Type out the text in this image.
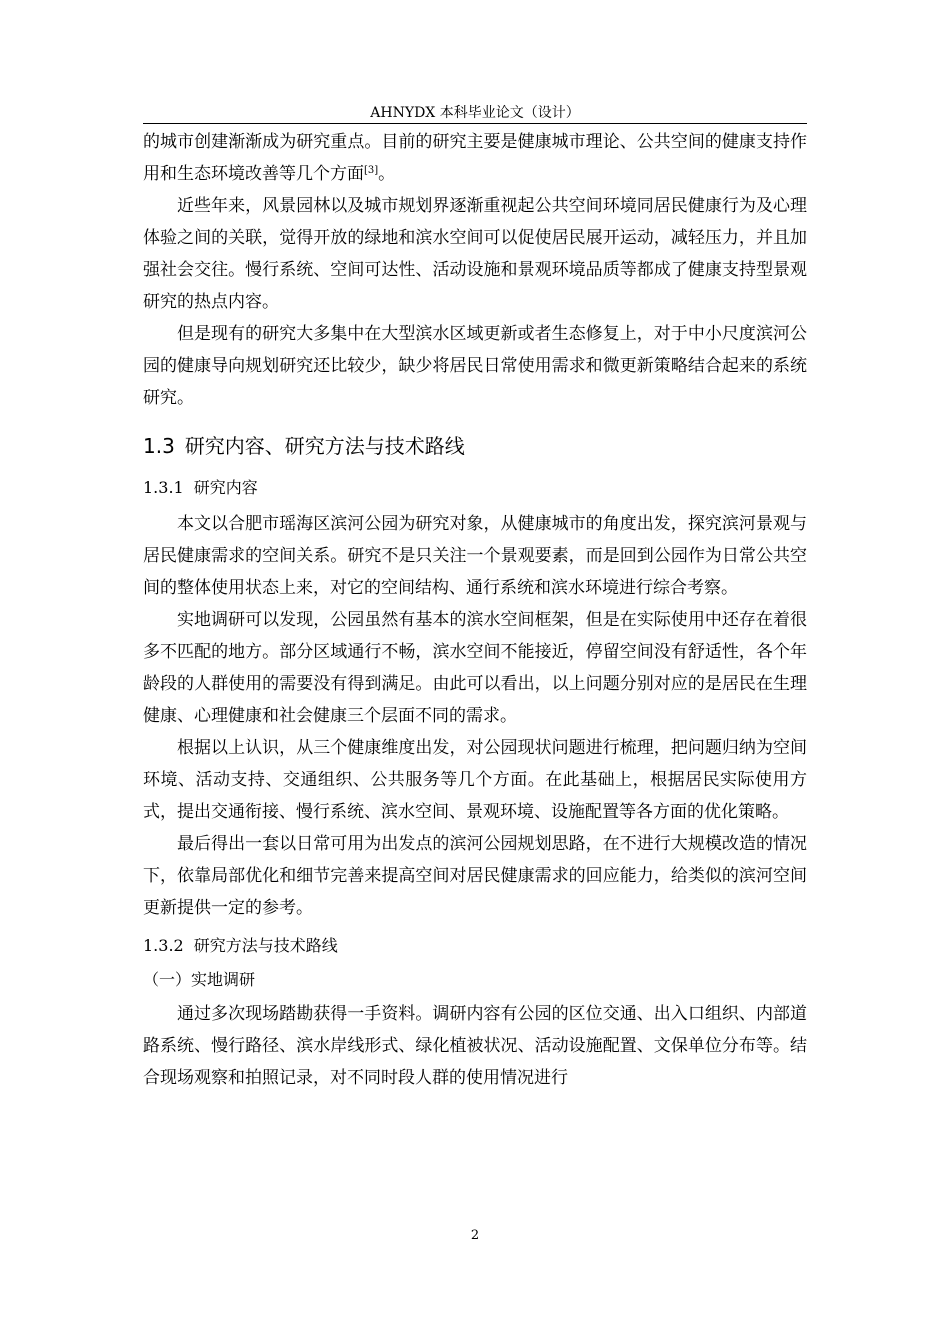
AHNYDX 本科毕业论文（设计）

的城市创建渐渐成为研究重点。目前的研究主要是健康城市理论、公共空间的健康支持作用和生态环境改善等几个方面[3]。

近些年来，风景园林以及城市规划界逐渐重视起公共空间环境同居民健康行为及心理体验之间的关联，觉得开放的绿地和滨水空间可以促使居民展开运动，减轻压力，并且加强社会交往。慢行系统、空间可达性、活动设施和景观环境品质等都成了健康支持型景观研究的热点内容。

但是现有的研究大多集中在大型滨水区域更新或者生态修复上，对于中小尺度滨河公园的健康导向规划研究还比较少，缺少将居民日常使用需求和微更新策略结合起来的系统研究。

1.3 研究内容、研究方法与技术路线
1.3.1 研究内容

本文以合肥市瑶海区滨河公园为研究对象，从健康城市的角度出发，探究滨河景观与居民健康需求的空间关系。研究不是只关注一个景观要素，而是回到公园作为日常公共空间的整体使用状态上来，对它的空间结构、通行系统和滨水环境进行综合考察。

实地调研可以发现，公园虽然有基本的滨水空间框架，但是在实际使用中还存在着很多不匹配的地方。部分区域通行不畅，滨水空间不能接近，停留空间没有舒适性，各个年龄段的人群使用的需要没有得到满足。由此可以看出，以上问题分别对应的是居民在生理健康、心理健康和社会健康三个层面不同的需求。

根据以上认识，从三个健康维度出发，对公园现状问题进行梳理，把问题归纳为空间环境、活动支持、交通组织、公共服务等几个方面。在此基础上，根据居民实际使用方式，提出交通衔接、慢行系统、滨水空间、景观环境、设施配置等各方面的优化策略。

最后得出一套以日常可用为出发点的滨河公园规划思路，在不进行大规模改造的情况下，依靠局部优化和细节完善来提高空间对居民健康需求的回应能力，给类似的滨河空间更新提供一定的参考。

1.3.2 研究方法与技术路线
（一）实地调研

通过多次现场踏勘获得一手资料。调研内容有公园的区位交通、出入口组织、内部道路系统、慢行路径、滨水岸线形式、绿化植被状况、活动设施配置、文保单位分布等。结合现场观察和拍照记录，对不同时段人群的使用情况进行

2
